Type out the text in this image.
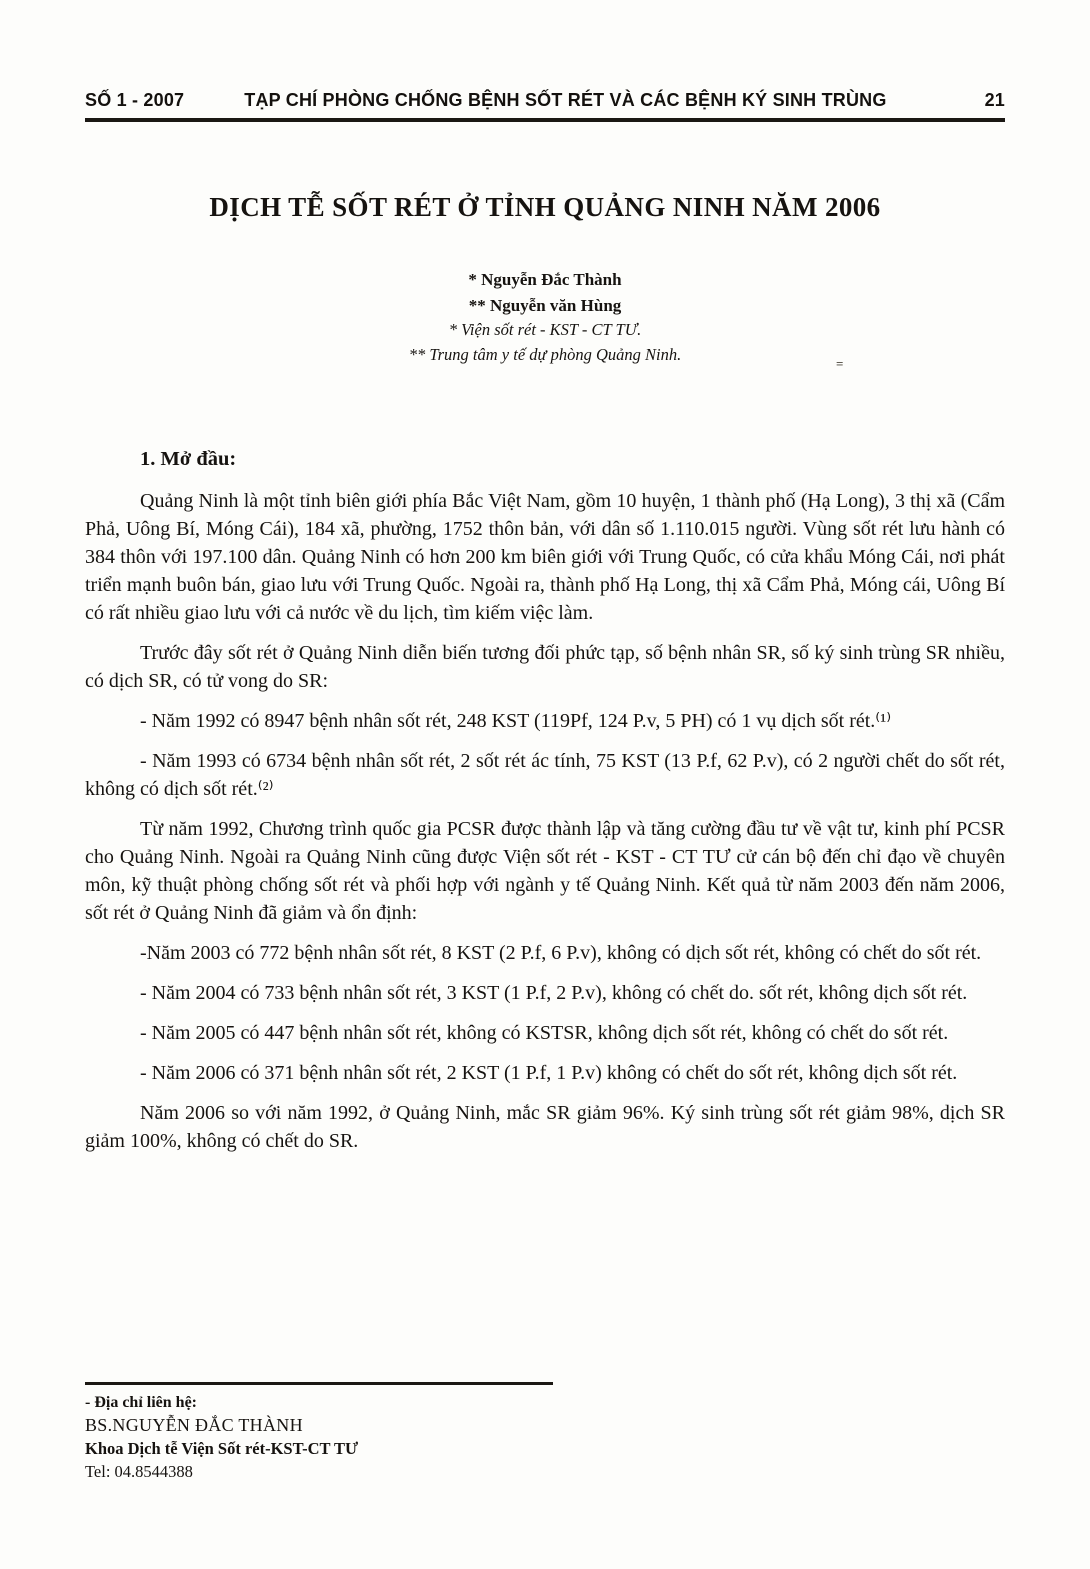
SỐ 1 - 2007	TẠP CHÍ PHÒNG CHỐNG BỆNH SỐT RÉT VÀ CÁC BỆNH KÝ SINH TRÙNG	21
DỊCH TỄ SỐT RÉT Ở TỈNH QUẢNG NINH NĂM 2006
* Nguyễn Đắc Thành
** Nguyễn văn Hùng
* Viện sốt rét - KST - CT TƯ.
** Trung tâm y tế dự phòng Quảng Ninh.	=
1. Mở đầu:

Quảng Ninh là một tỉnh biên giới phía Bắc Việt Nam, gồm 10 huyện, 1 thành phố (Hạ Long), 3 thị xã (Cẩm Phả, Uông Bí, Móng Cái), 184 xã, phường, 1752 thôn bản, với dân số 1.110.015 người. Vùng sốt rét lưu hành có 384 thôn với 197.100 dân. Quảng Ninh có hơn 200 km biên giới với Trung Quốc, có cửa khẩu Móng Cái, nơi phát triển mạnh buôn bán, giao lưu với Trung Quốc. Ngoài ra, thành phố Hạ Long, thị xã Cẩm Phả, Móng cái, Uông Bí có rất nhiều giao lưu với cả nước về du lịch, tìm kiếm việc làm.

Trước đây sốt rét ở Quảng Ninh diễn biến tương đối phức tạp, số bệnh nhân SR, số ký sinh trùng SR nhiều, có dịch SR, có tử vong do SR:

- Năm 1992 có 8947 bệnh nhân sốt rét, 248 KST (119Pf, 124 P.v, 5 PH) có 1 vụ dịch sốt rét.⁽¹⁾

- Năm 1993 có 6734 bệnh nhân sốt rét, 2 sốt rét ác tính, 75 KST (13 P.f, 62 P.v), có 2 người chết do sốt rét, không có dịch sốt rét.⁽²⁾

Từ năm 1992, Chương trình quốc gia PCSR được thành lập và tăng cường đầu tư về vật tư, kinh phí PCSR cho Quảng Ninh. Ngoài ra Quảng Ninh cũng được Viện sốt rét - KST - CT TƯ cử cán bộ đến chỉ đạo về chuyên môn, kỹ thuật phòng chống sốt rét và phối hợp với ngành y tế Quảng Ninh. Kết quả từ năm 2003 đến năm 2006, sốt rét ở Quảng Ninh đã giảm và ổn định:

-Năm 2003 có 772 bệnh nhân sốt rét, 8 KST (2 P.f, 6 P.v), không có dịch sốt rét, không có chết do sốt rét.

- Năm 2004 có 733 bệnh nhân sốt rét, 3 KST (1 P.f, 2 P.v), không có chết do. sốt rét, không dịch sốt rét.

- Năm 2005 có 447 bệnh nhân sốt rét, không có KSTSR, không dịch sốt rét, không có chết do sốt rét.

- Năm 2006 có 371 bệnh nhân sốt rét, 2 KST (1 P.f, 1 P.v) không có chết do sốt rét, không dịch sốt rét.

Năm 2006 so với năm 1992, ở Quảng Ninh, mắc SR giảm 96%. Ký sinh trùng sốt rét giảm 98%, dịch SR giảm 100%, không có chết do SR.

- Địa chỉ liên hệ:
BS.NGUYỄN ĐẮC THÀNH
Khoa Dịch tễ Viện Sốt rét-KST-CT TƯ
Tel: 04.8544388
